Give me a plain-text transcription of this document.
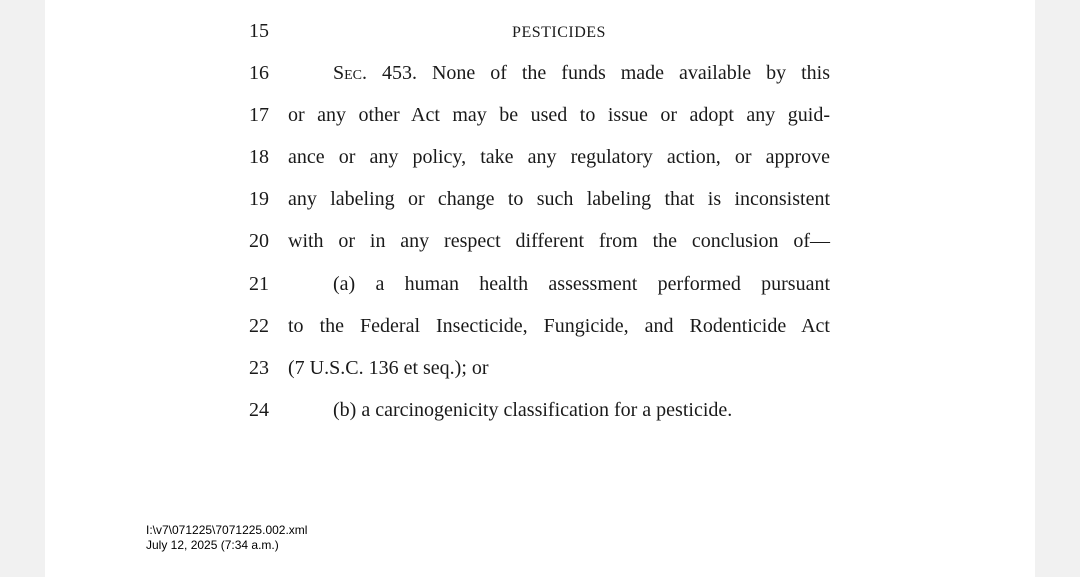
15	PESTICIDES
16	Sec. 453. None of the funds made available by this
17 or any other Act may be used to issue or adopt any guid-
18 ance or any policy, take any regulatory action, or approve
19 any labeling or change to such labeling that is inconsistent
20 with or in any respect different from the conclusion of—
21	(a) a human health assessment performed pursuant
22 to the Federal Insecticide, Fungicide, and Rodenticide Act
23 (7 U.S.C. 136 et seq.); or
24	(b) a carcinogenicity classification for a pesticide.
I:\v7\071225\7071225.002.xml
July 12, 2025 (7:34 a.m.)
